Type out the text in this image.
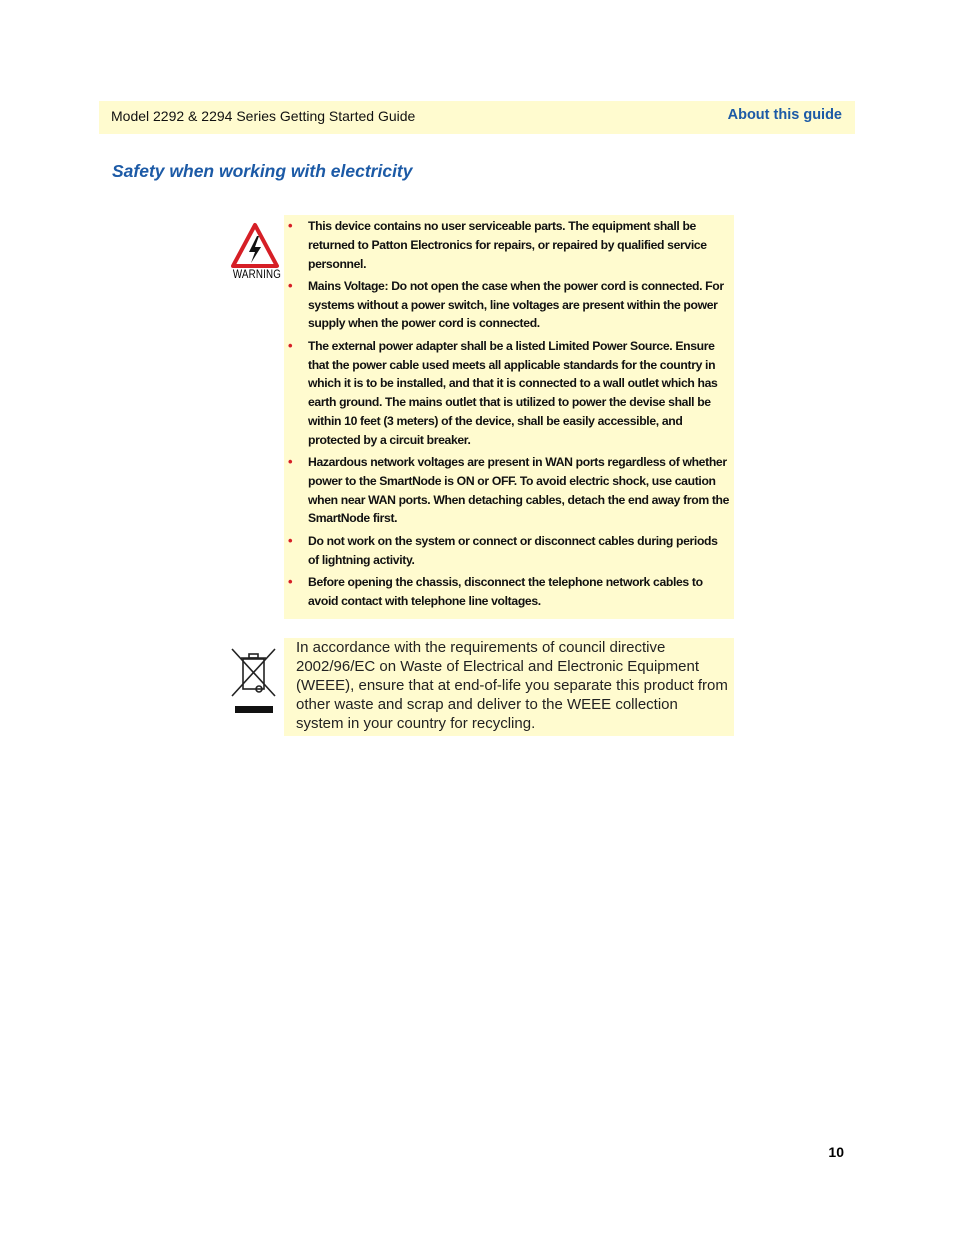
Model 2292 & 2294 Series Getting Started Guide	About this guide
Safety when working with electricity
WARNING
• This device contains no user serviceable parts. The equipment shall be returned to Patton Electronics for repairs, or repaired by qualified service personnel.
• Mains Voltage: Do not open the case when the power cord is connected. For systems without a power switch, line voltages are present within the power supply when the power cord is connected.
• The external power adapter shall be a listed Limited Power Source. Ensure that the power cable used meets all applicable standards for the country in which it is to be installed, and that it is connected to a wall outlet which has earth ground. The mains outlet that is utilized to power the devise shall be within 10 feet (3 meters) of the device, shall be easily accessible, and protected by a circuit breaker.
• Hazardous network voltages are present in WAN ports regardless of whether power to the SmartNode is ON or OFF. To avoid electric shock, use caution when near WAN ports. When detaching cables, detach the end away from the SmartNode first.
• Do not work on the system or connect or disconnect cables during periods of lightning activity.
• Before opening the chassis, disconnect the telephone network cables to avoid contact with telephone line voltages.

In accordance with the requirements of council directive 2002/96/EC on Waste of Electrical and Electronic Equipment (WEEE), ensure that at end-of-life you separate this product from other waste and scrap and deliver to the WEEE collection system in your country for recycling.

10
